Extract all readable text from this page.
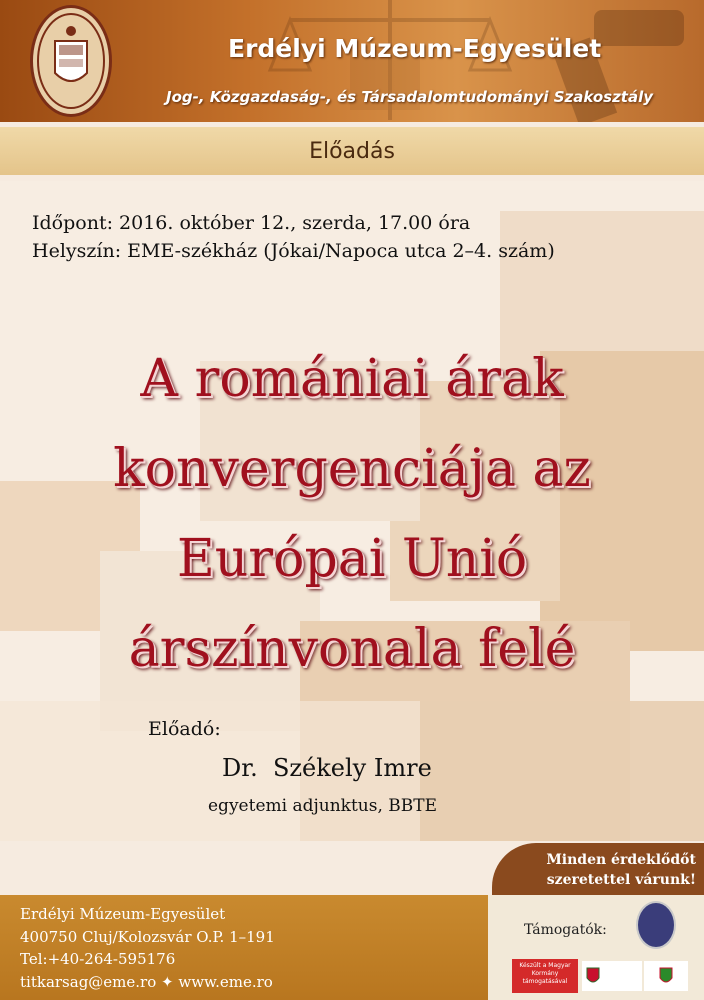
Erdélyi Múzeum-Egyesület
Jog-, Közgazdaság-, és Társadalomtudományi Szakosztály
Előadás
Időpont: 2016. október 12., szerda, 17.00 óra
Helyszín: EME-székház (Jókai/Napoca utca 2–4. szám)
A romániai árak
konvergenciája az
Európai Unió
árszínvonala felé
Előadó:
Dr.  Székely Imre
egyetemi adjunktus, BBTE
Minden érdeklődőt
szeretettel várunk!
Erdélyi Múzeum-Egyesület
400750 Cluj/Kolozsvár O.P. 1–191
Tel:+40-264-595176
titkarsag@eme.ro ✦ www.eme.ro
Támogatók:
Készült a Magyar Kormány támogatásával
